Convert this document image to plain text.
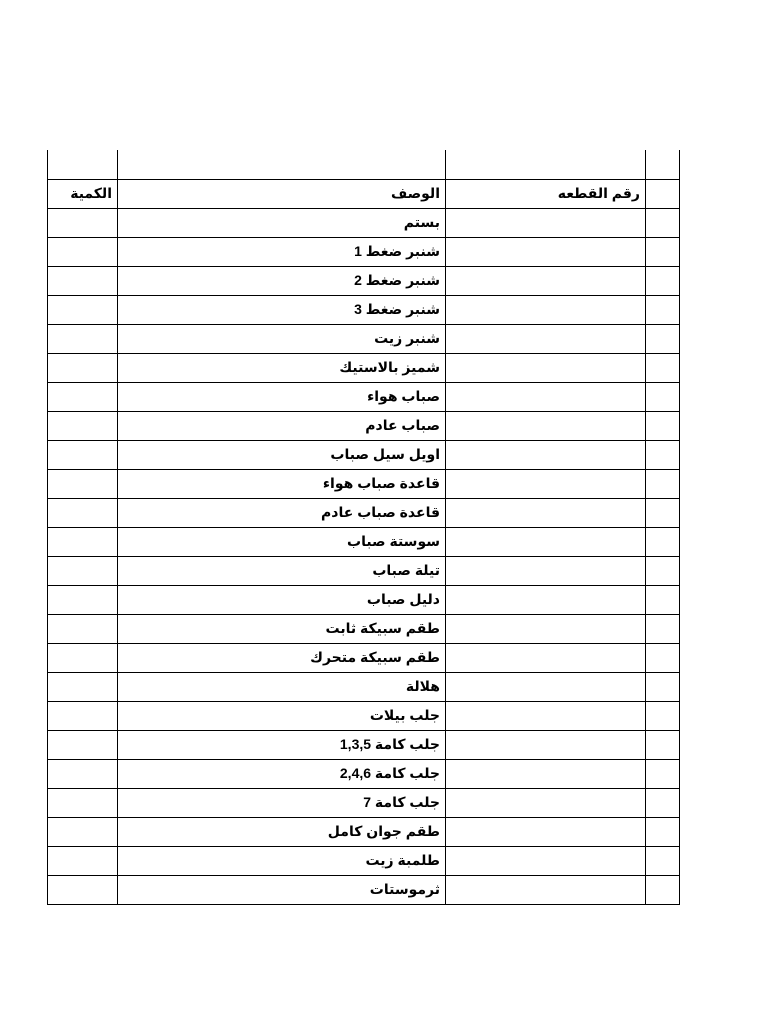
الكمية	الوصف	رقم القطعه	
	بستم		
	شنبر ضغط 1		
	شنبر ضغط 2		
	شنبر ضغط 3		
	شنبر زيت		
	شميز بالاستيك		
	صباب هواء		
	صباب عادم		
	اويل سيل صباب		
	قاعدة صباب هواء		
	قاعدة صباب عادم		
	سوستة صباب		
	تيلة صباب		
	دليل صباب		
	طقم سبيكة ثابت		
	طقم سبيكة متحرك		
	هلالة		
	جلب بيلات		
	جلب كامة 1,3,5		
	جلب كامة 2,4,6		
	جلب كامة 7		
	طقم جوان كامل		
	طلمبة زيت		
	ثرموستات		
